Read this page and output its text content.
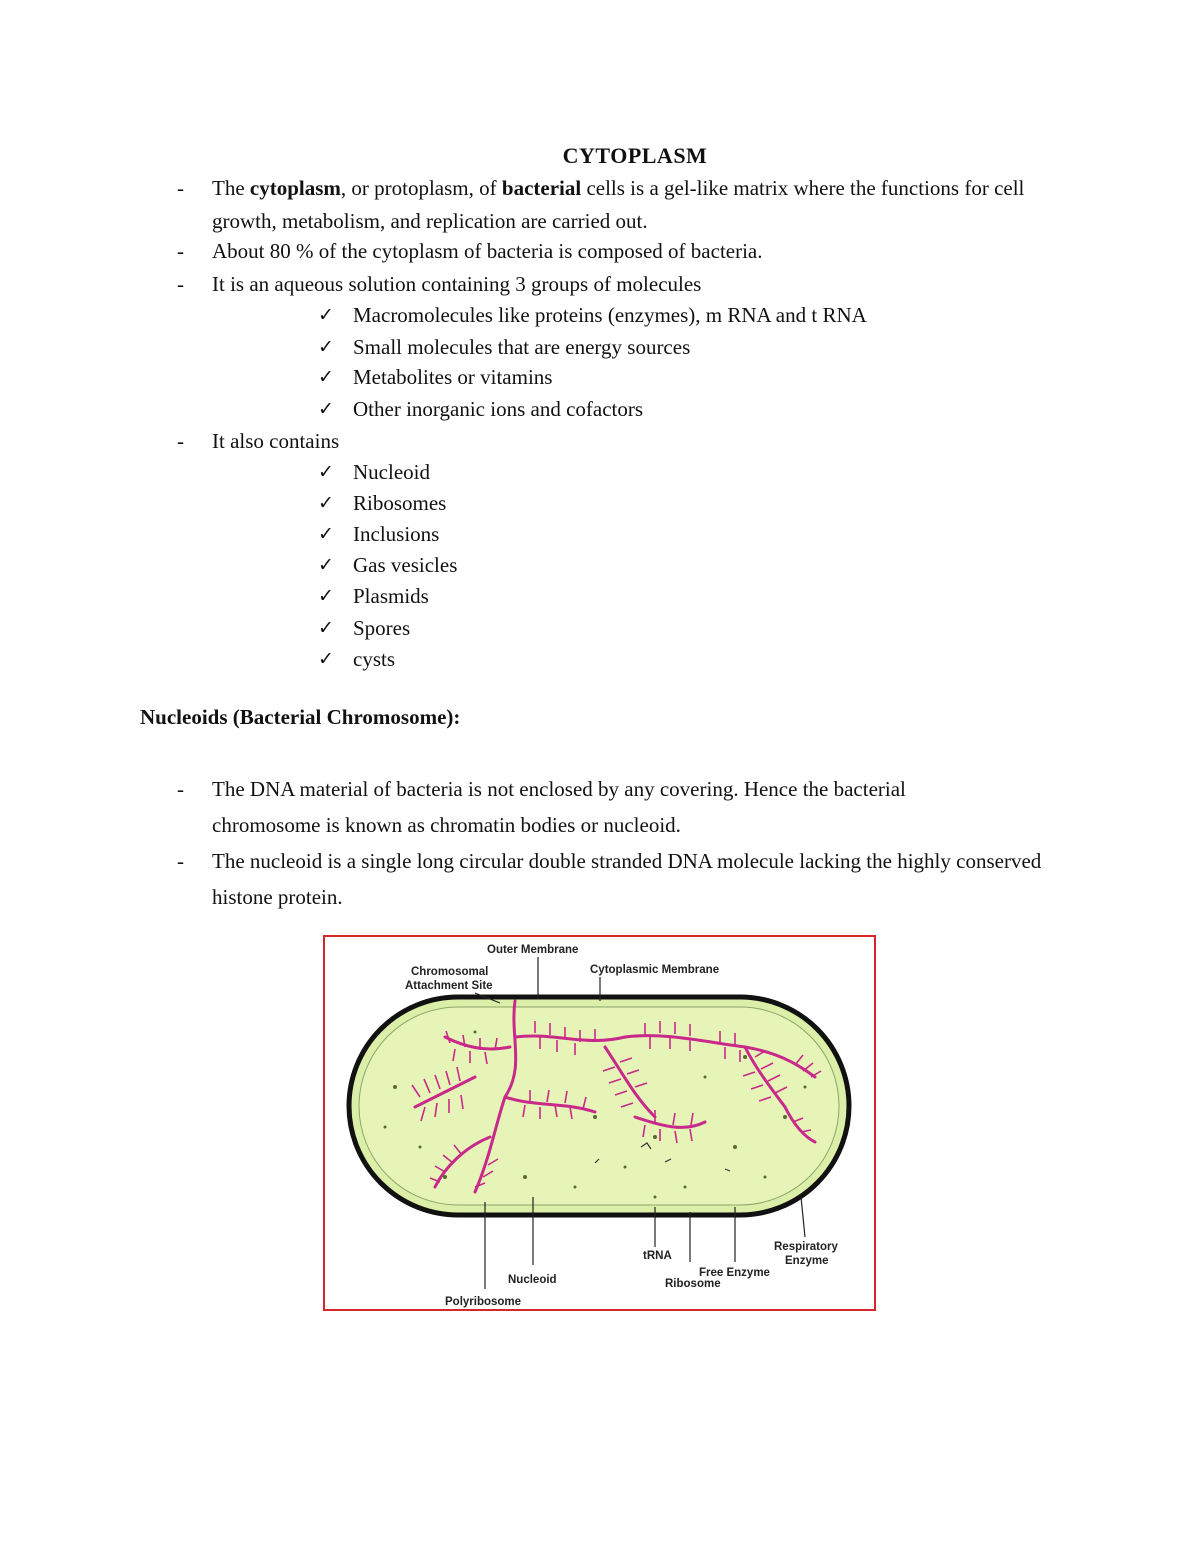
CYTOPLASM
- The cytoplasm, or protoplasm, of bacterial cells is a gel-like matrix where the functions for cell growth, metabolism, and replication are carried out.
- About 80 % of the cytoplasm of bacteria is composed of bacteria.
- It is an aqueous solution containing 3 groups of molecules
✓ Macromolecules like proteins (enzymes), m RNA and t RNA
✓ Small molecules that are energy sources
✓ Metabolites or vitamins
✓ Other inorganic ions and cofactors
- It also contains
✓ Nucleoid
✓ Ribosomes
✓ Inclusions
✓ Gas vesicles
✓ Plasmids
✓ Spores
✓ cysts
Nucleoids (Bacterial Chromosome):
- The DNA material of bacteria is not enclosed by any covering. Hence the bacterial chromosome is known as chromatin bodies or nucleoid.
- The nucleoid is a single long circular double stranded DNA molecule lacking the highly conserved histone protein.
Outer Membrane
Chromosomal
Attachment Site
Cytoplasmic Membrane
Respiratory
Enzyme
tRNA
Free Enzyme
Ribosome
Nucleoid
Polyribosome
